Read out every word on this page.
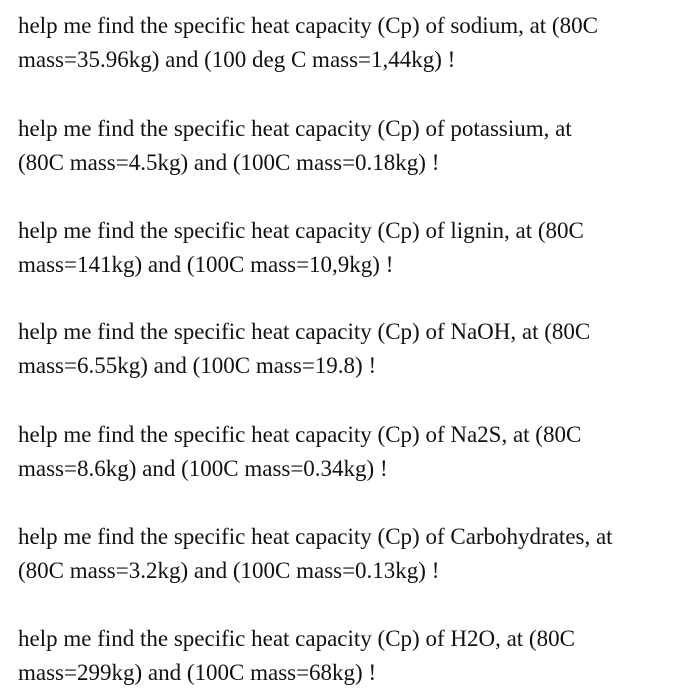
help me find the specific heat capacity (Cp) of sodium, at (80C
mass=35.96kg) and (100 deg C mass=1,44kg) !

help me find the specific heat capacity (Cp) of potassium, at
(80C mass=4.5kg) and (100C mass=0.18kg) !

help me find the specific heat capacity (Cp) of lignin, at (80C
mass=141kg) and (100C mass=10,9kg) !

help me find the specific heat capacity (Cp) of NaOH, at (80C
mass=6.55kg) and (100C mass=19.8) !

help me find the specific heat capacity (Cp) of Na2S, at (80C
mass=8.6kg) and (100C mass=0.34kg) !

help me find the specific heat capacity (Cp) of Carbohydrates, at
(80C mass=3.2kg) and (100C mass=0.13kg) !

help me find the specific heat capacity (Cp) of H2O, at (80C
mass=299kg) and (100C mass=68kg) !
